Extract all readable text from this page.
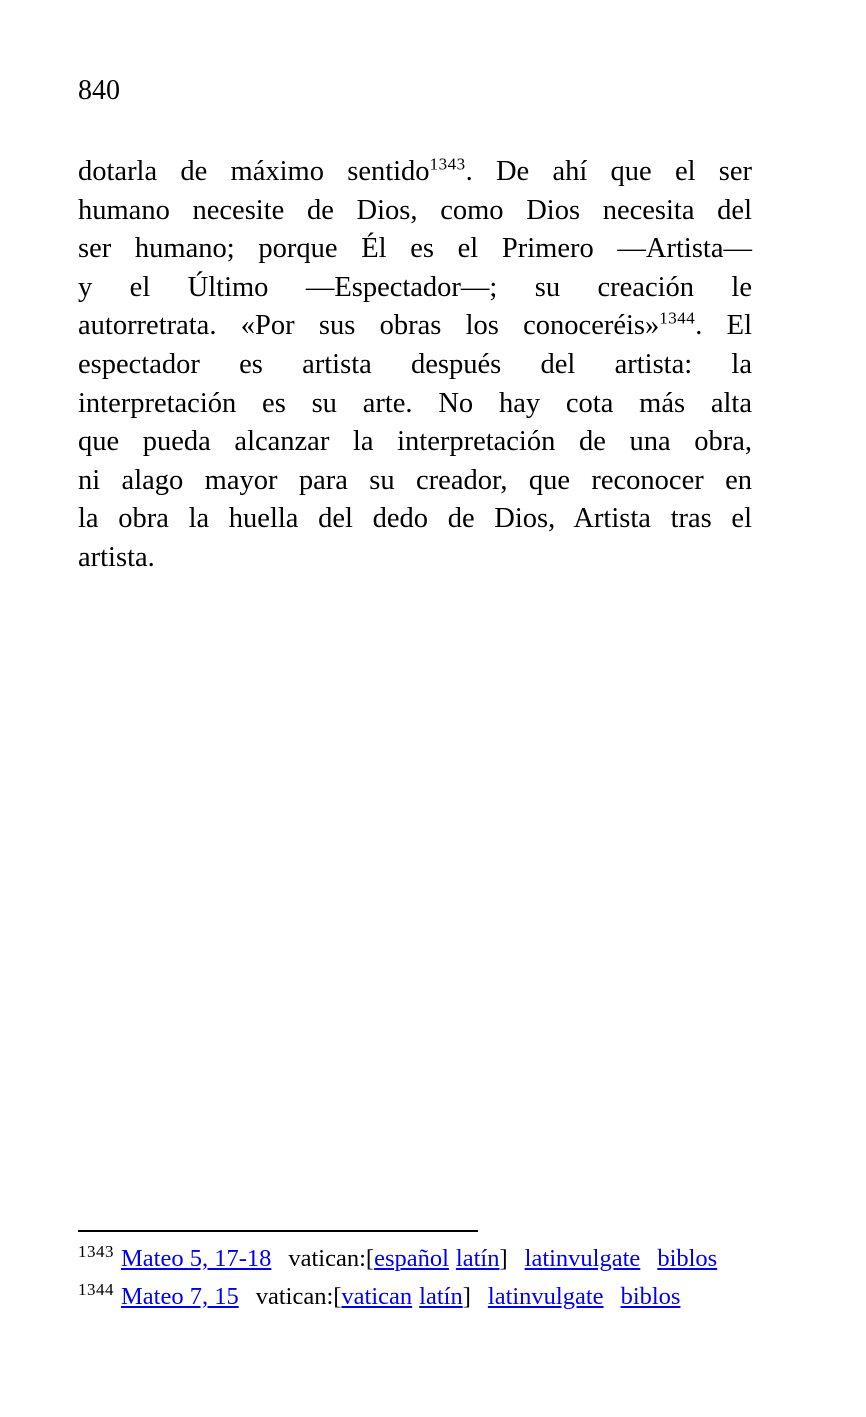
840
dotarla de máximo sentido$^{1343}$. De ahí que el ser
humano necesite de Dios, como Dios necesita del
ser humano; porque Él es el Primero —Artista—
y el Último —Espectador—; su creación le
autorretrata. «Por sus obras los conoceréis»$^{1344}$. El
espectador es artista después del artista: la
interpretación es su arte. No hay cota más alta
que pueda alcanzar la interpretación de una obra,
ni alago mayor para su creador, que reconocer en
la obra la huella del dedo de Dios, Artista tras el
artista.
$^{1343}$ Mateo 5, 17-18 vatican:[español latín] latinvulgate biblos
$^{1344}$ Mateo 7, 15 vatican:[vatican latín] latinvulgate biblos
